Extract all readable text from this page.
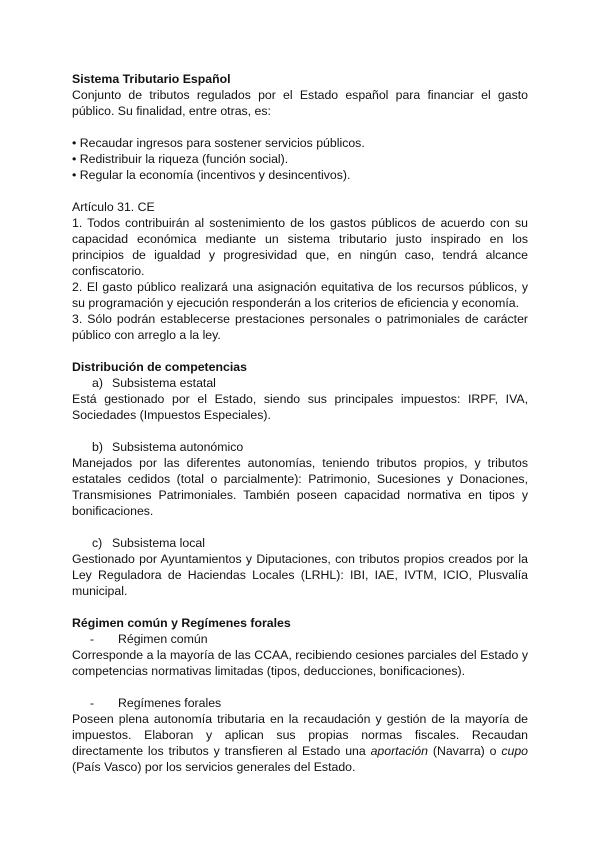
Sistema Tributario Español

Conjunto de tributos regulados por el Estado español para financiar el gasto público. Su finalidad, entre otras, es:

• Recaudar ingresos para sostener servicios públicos.

• Redistribuir la riqueza (función social).

• Regular la economía (incentivos y desincentivos).

Artículo 31. CE

1. Todos contribuirán al sostenimiento de los gastos públicos de acuerdo con su capacidad económica mediante un sistema tributario justo inspirado en los principios de igualdad y progresividad que, en ningún caso, tendrá alcance confiscatorio.

2. El gasto público realizará una asignación equitativa de los recursos públicos, y su programación y ejecución responderán a los criterios de eficiencia y economía.

3. Sólo podrán establecerse prestaciones personales o patrimoniales de carácter público con arreglo a la ley.

Distribución de competencias

a) Subsistema estatal

Está gestionado por el Estado, siendo sus principales impuestos: IRPF, IVA, Sociedades (Impuestos Especiales).

b) Subsistema autonómico

Manejados por las diferentes autonomías, teniendo tributos propios, y tributos estatales cedidos (total o parcialmente): Patrimonio, Sucesiones y Donaciones, Transmisiones Patrimoniales. También poseen capacidad normativa en tipos y bonificaciones.

c) Subsistema local

Gestionado por Ayuntamientos y Diputaciones, con tributos propios creados por la Ley Reguladora de Haciendas Locales (LRHL): IBI, IAE, IVTM, ICIO, Plusvalía municipal.

Régimen común y Regímenes forales

- Régimen común

Corresponde a la mayoría de las CCAA, recibiendo cesiones parciales del Estado y competencias normativas limitadas (tipos, deducciones, bonificaciones).

- Regímenes forales

Poseen plena autonomía tributaria en la recaudación y gestión de la mayoría de impuestos. Elaboran y aplican sus propias normas fiscales. Recaudan directamente los tributos y transfieren al Estado una aportación (Navarra) o cupo (País Vasco) por los servicios generales del Estado.
